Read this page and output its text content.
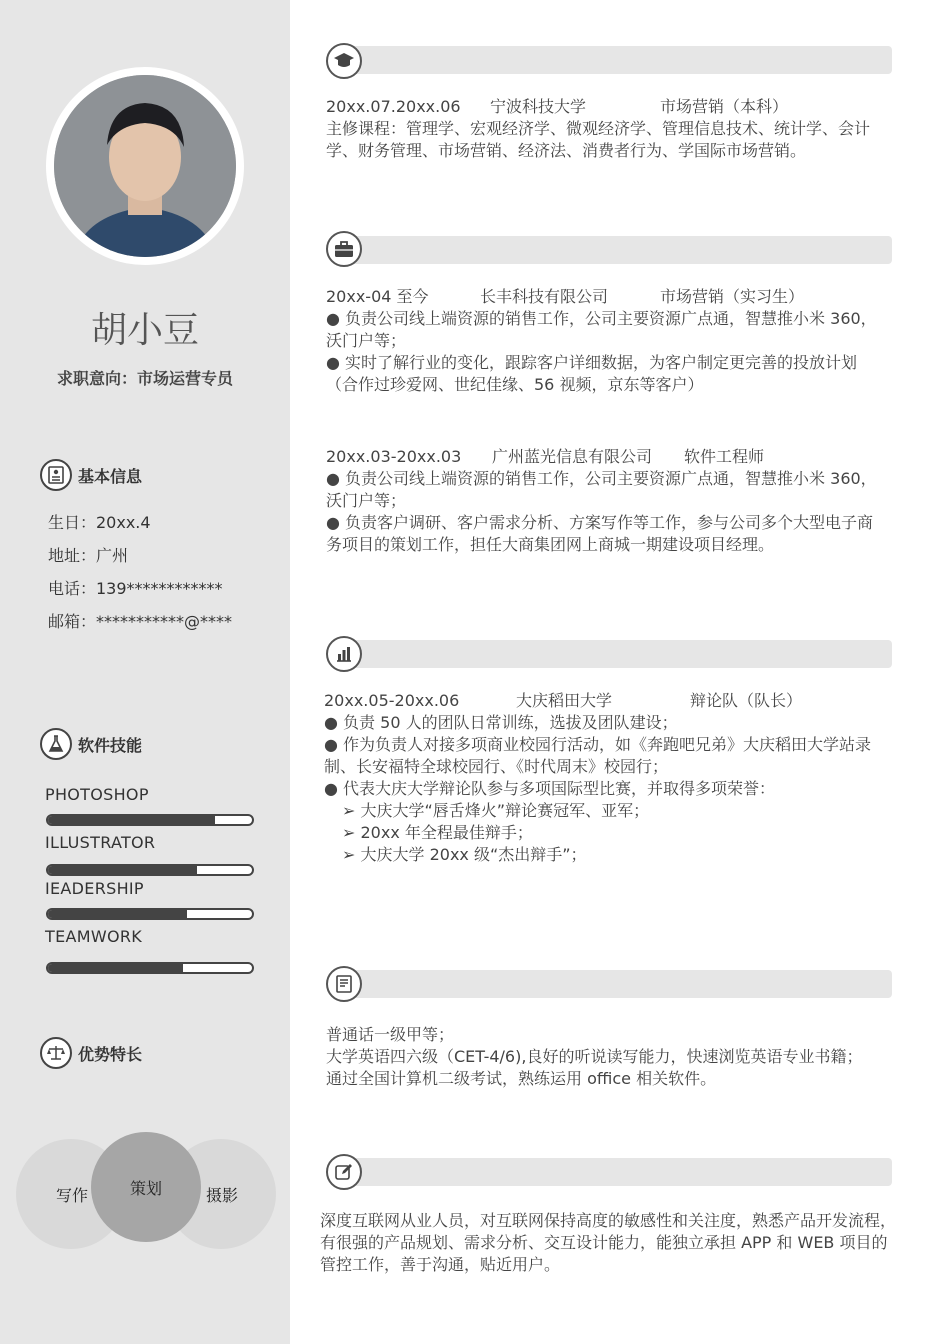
胡小豆
求职意向：市场运营专员
基本信息
生日：20xx.4
地址：广州
电话：139************
邮箱：***********@****
软件技能
PHOTOSHOP
ILLUSTRATOR
IEADERSHIP
TEAMWORK
优势特长
写作	摄影
策划

20xx.07.20xx.06 宁波科技大学	市场营销（本科）

主修课程：管理学、宏观经济学、微观经济学、管理信息技术、统计学、会计

学、财务管理、市场营销、经济法、消费者行为、学国际市场营销。

20xx-04 至今	长丰科技有限公司	市场营销（实习生）

● 负责公司线上端资源的销售工作，公司主要资源广点通，智慧推小米 360，

沃门户等；

● 实时了解行业的变化，跟踪客户详细数据，为客户制定更完善的投放计划

（合作过珍爱网、世纪佳缘、56 视频，京东等客户）

20xx.03-20xx.03 广州蓝光信息有限公司 软件工程师

● 负责公司线上端资源的销售工作，公司主要资源广点通，智慧推小米 360，

沃门户等；

● 负责客户调研、客户需求分析、方案写作等工作，参与公司多个大型电子商

务项目的策划工作，担任大商集团网上商城一期建设项目经理。

20xx.05-20xx.06	大庆稻田大学	辩论队（队长）

● 负责 50 人的团队日常训练，选拔及团队建设；

● 作为负责人对接多项商业校园行活动，如《奔跑吧兄弟》大庆稻田大学站录

制、长安福特全球校园行、《时代周末》校园行；

● 代表大庆大学辩论队参与多项国际型比赛，并取得多项荣誉：

➢ 大庆大学“唇舌烽火”辩论赛冠军、亚军；

➢ 20xx 年全程最佳辩手；

➢ 大庆大学 20xx 级“杰出辩手”；

普通话一级甲等；

大学英语四六级（CET-4/6),良好的听说读写能力，快速浏览英语专业书籍；

通过全国计算机二级考试，熟练运用 office 相关软件。

深度互联网从业人员，对互联网保持高度的敏感性和关注度，熟悉产品开发流程，

有很强的产品规划、需求分析、交互设计能力，能独立承担 APP 和 WEB 项目的

管控工作，善于沟通，贴近用户。
